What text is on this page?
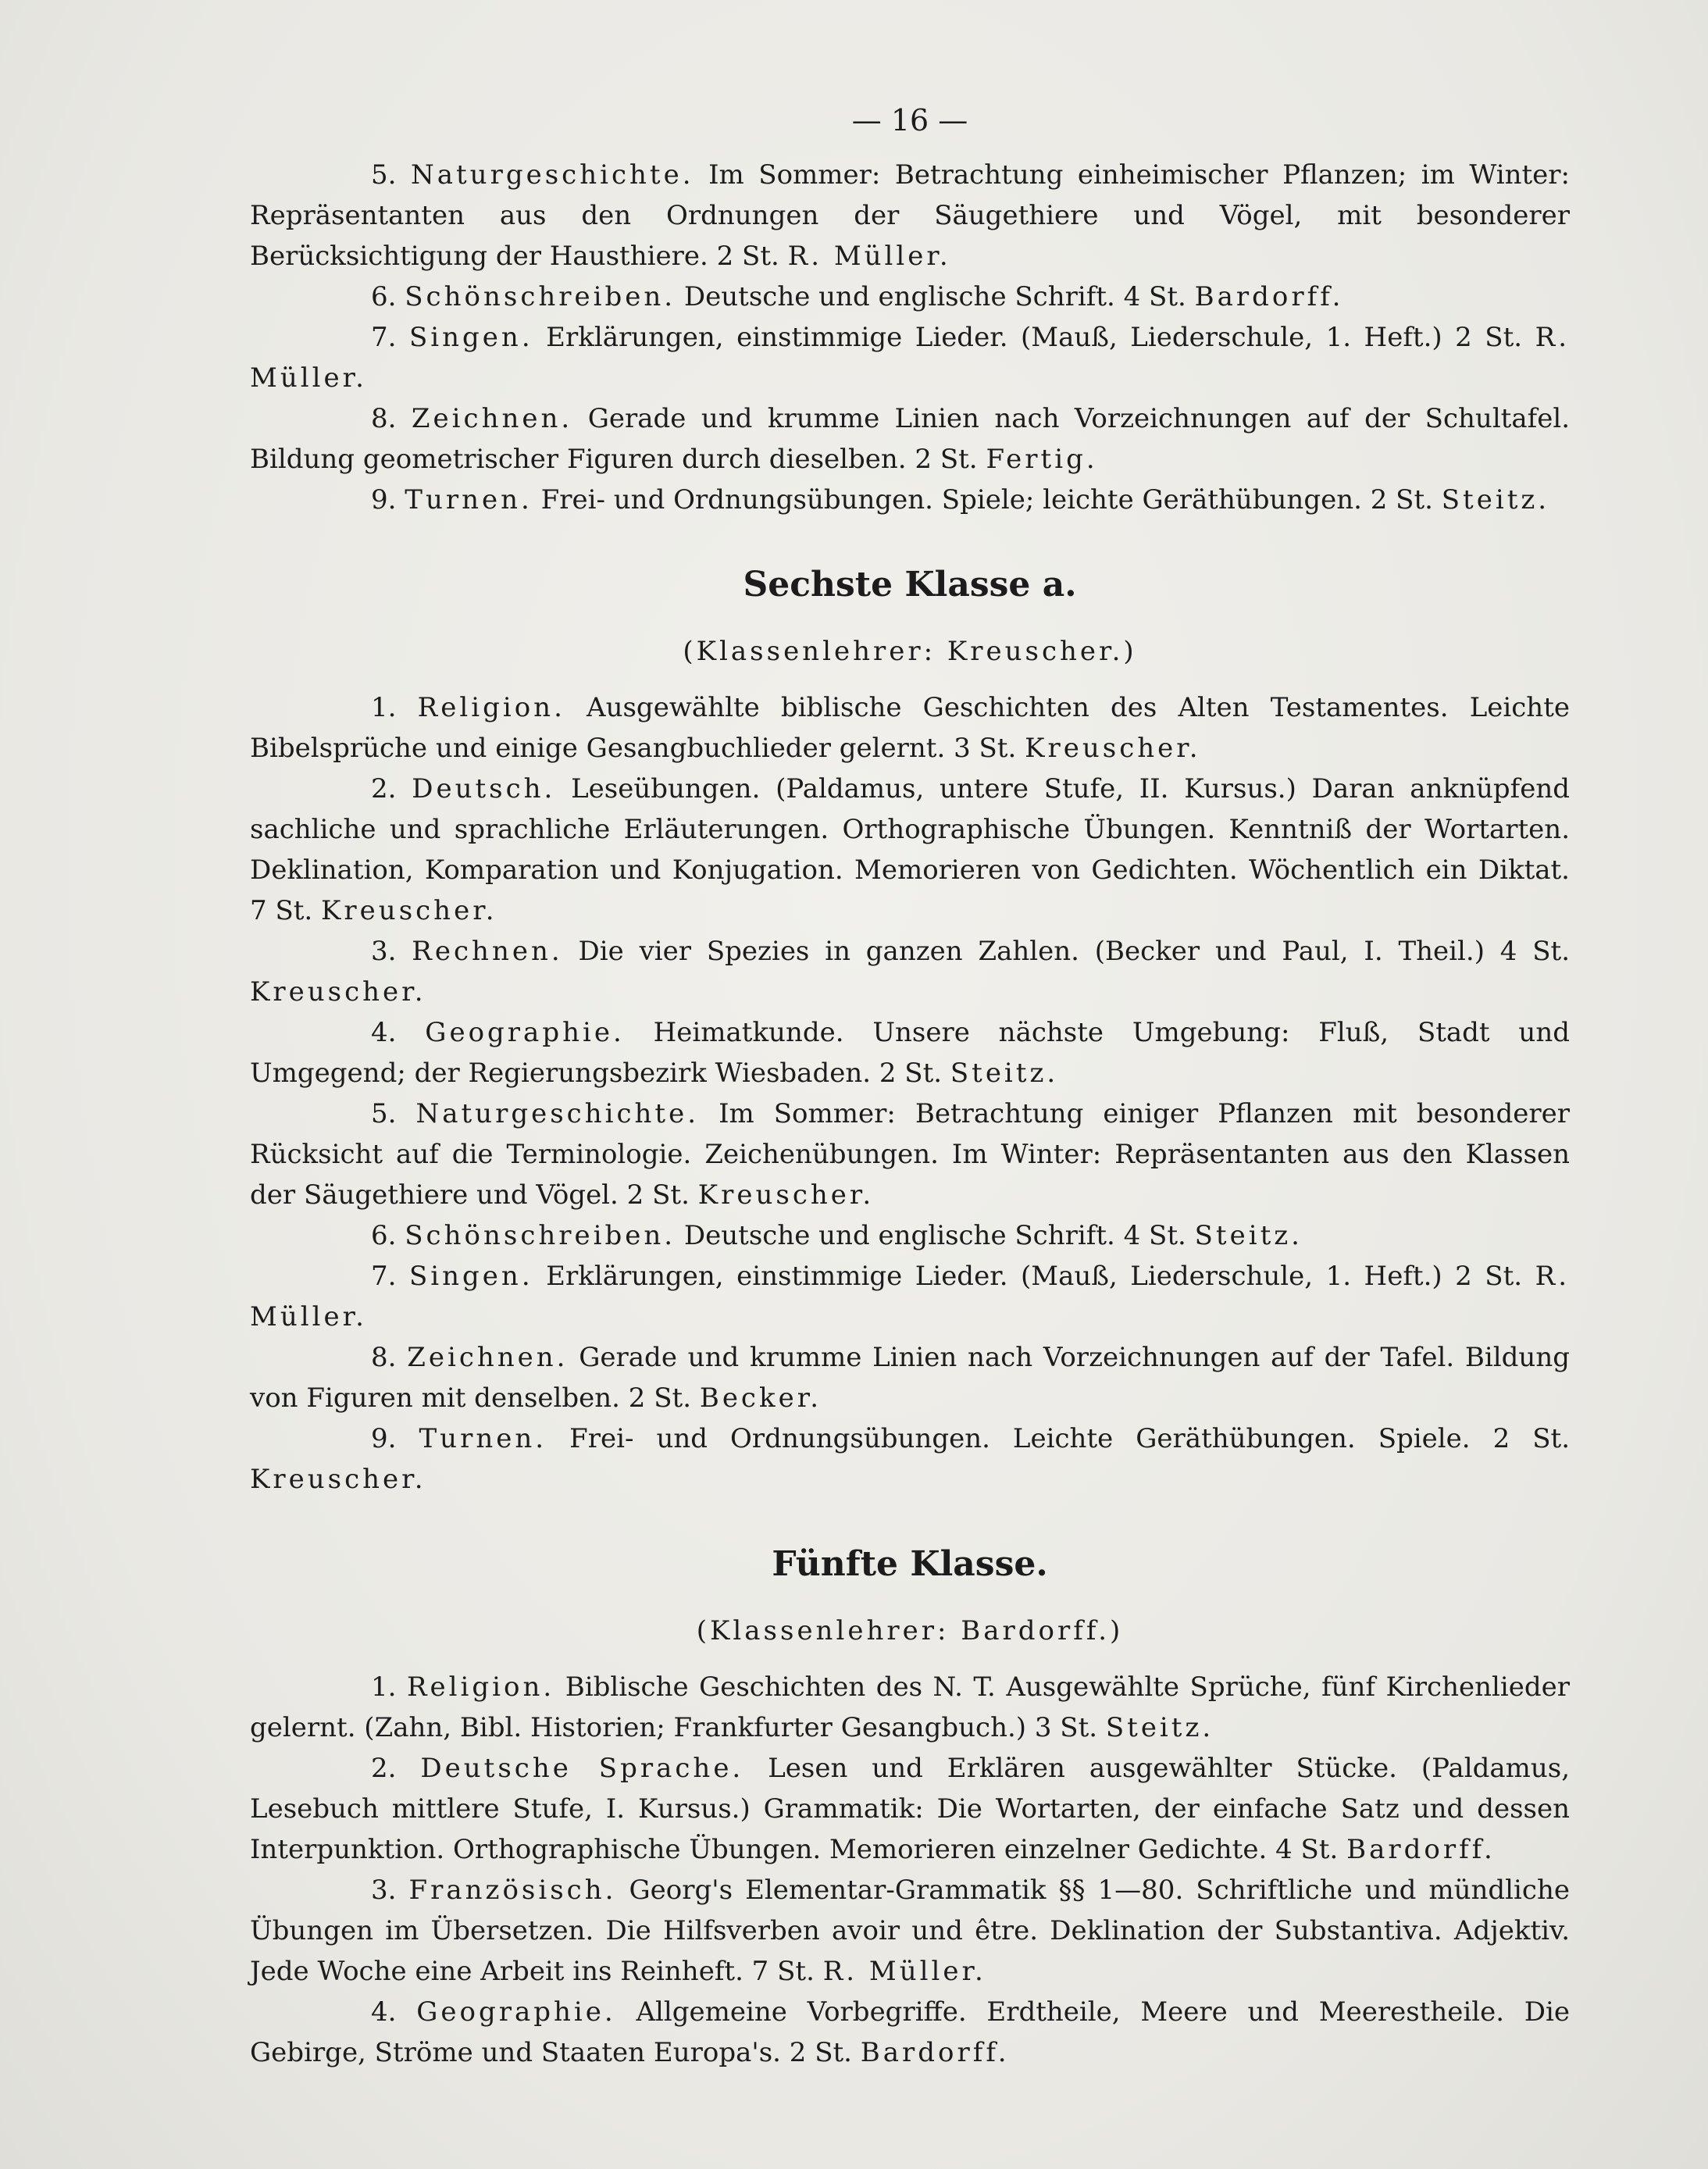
— 16 —

5. Naturgeschichte. Im Sommer: Betrachtung einheimischer Pflanzen; im Winter: Repräsentanten aus den Ordnungen der Säugethiere und Vögel, mit besonderer Berücksichtigung der Hausthiere. 2 St. R. Müller.

6. Schönschreiben. Deutsche und englische Schrift. 4 St. Bardorff.

7. Singen. Erklärungen, einstimmige Lieder. (Mauß, Liederschule, 1. Heft.) 2 St. R. Müller.

8. Zeichnen. Gerade und krumme Linien nach Vorzeichnungen auf der Schultafel. Bildung geometrischer Figuren durch dieselben. 2 St. Fertig.

9. Turnen. Frei- und Ordnungsübungen. Spiele; leichte Geräthübungen. 2 St. Steitz.

Sechste Klasse a.
(Klassenlehrer: Kreuscher.)

1. Religion. Ausgewählte biblische Geschichten des Alten Testamentes. Leichte Bibelsprüche und einige Gesangbuchlieder gelernt. 3 St. Kreuscher.

2. Deutsch. Leseübungen. (Paldamus, untere Stufe, II. Kursus.) Daran anknüpfend sachliche und sprachliche Erläuterungen. Orthographische Übungen. Kenntniß der Wortarten. Deklination, Komparation und Konjugation. Memorieren von Gedichten. Wöchentlich ein Diktat. 7 St. Kreuscher.

3. Rechnen. Die vier Spezies in ganzen Zahlen. (Becker und Paul, I. Theil.) 4 St. Kreuscher.

4. Geographie. Heimatkunde. Unsere nächste Umgebung: Fluß, Stadt und Umgegend; der Regierungsbezirk Wiesbaden. 2 St. Steitz.

5. Naturgeschichte. Im Sommer: Betrachtung einiger Pflanzen mit besonderer Rücksicht auf die Terminologie. Zeichenübungen. Im Winter: Repräsentanten aus den Klassen der Säugethiere und Vögel. 2 St. Kreuscher.

6. Schönschreiben. Deutsche und englische Schrift. 4 St. Steitz.

7. Singen. Erklärungen, einstimmige Lieder. (Mauß, Liederschule, 1. Heft.) 2 St. R. Müller.

8. Zeichnen. Gerade und krumme Linien nach Vorzeichnungen auf der Tafel. Bildung von Figuren mit denselben. 2 St. Becker.

9. Turnen. Frei- und Ordnungsübungen. Leichte Geräthübungen. Spiele. 2 St. Kreuscher.

Fünfte Klasse.
(Klassenlehrer: Bardorff.)

1. Religion. Biblische Geschichten des N. T. Ausgewählte Sprüche, fünf Kirchenlieder gelernt. (Zahn, Bibl. Historien; Frankfurter Gesangbuch.) 3 St. Steitz.

2. Deutsche Sprache. Lesen und Erklären ausgewählter Stücke. (Paldamus, Lesebuch mittlere Stufe, I. Kursus.) Grammatik: Die Wortarten, der einfache Satz und dessen Interpunktion. Orthographische Übungen. Memorieren einzelner Gedichte. 4 St. Bardorff.

3. Französisch. Georg's Elementar-Grammatik §§ 1—80. Schriftliche und mündliche Übungen im Übersetzen. Die Hilfsverben avoir und être. Deklination der Substantiva. Adjektiv. Jede Woche eine Arbeit ins Reinheft. 7 St. R. Müller.

4. Geographie. Allgemeine Vorbegriffe. Erdtheile, Meere und Meerestheile. Die Gebirge, Ströme und Staaten Europa's. 2 St. Bardorff.
